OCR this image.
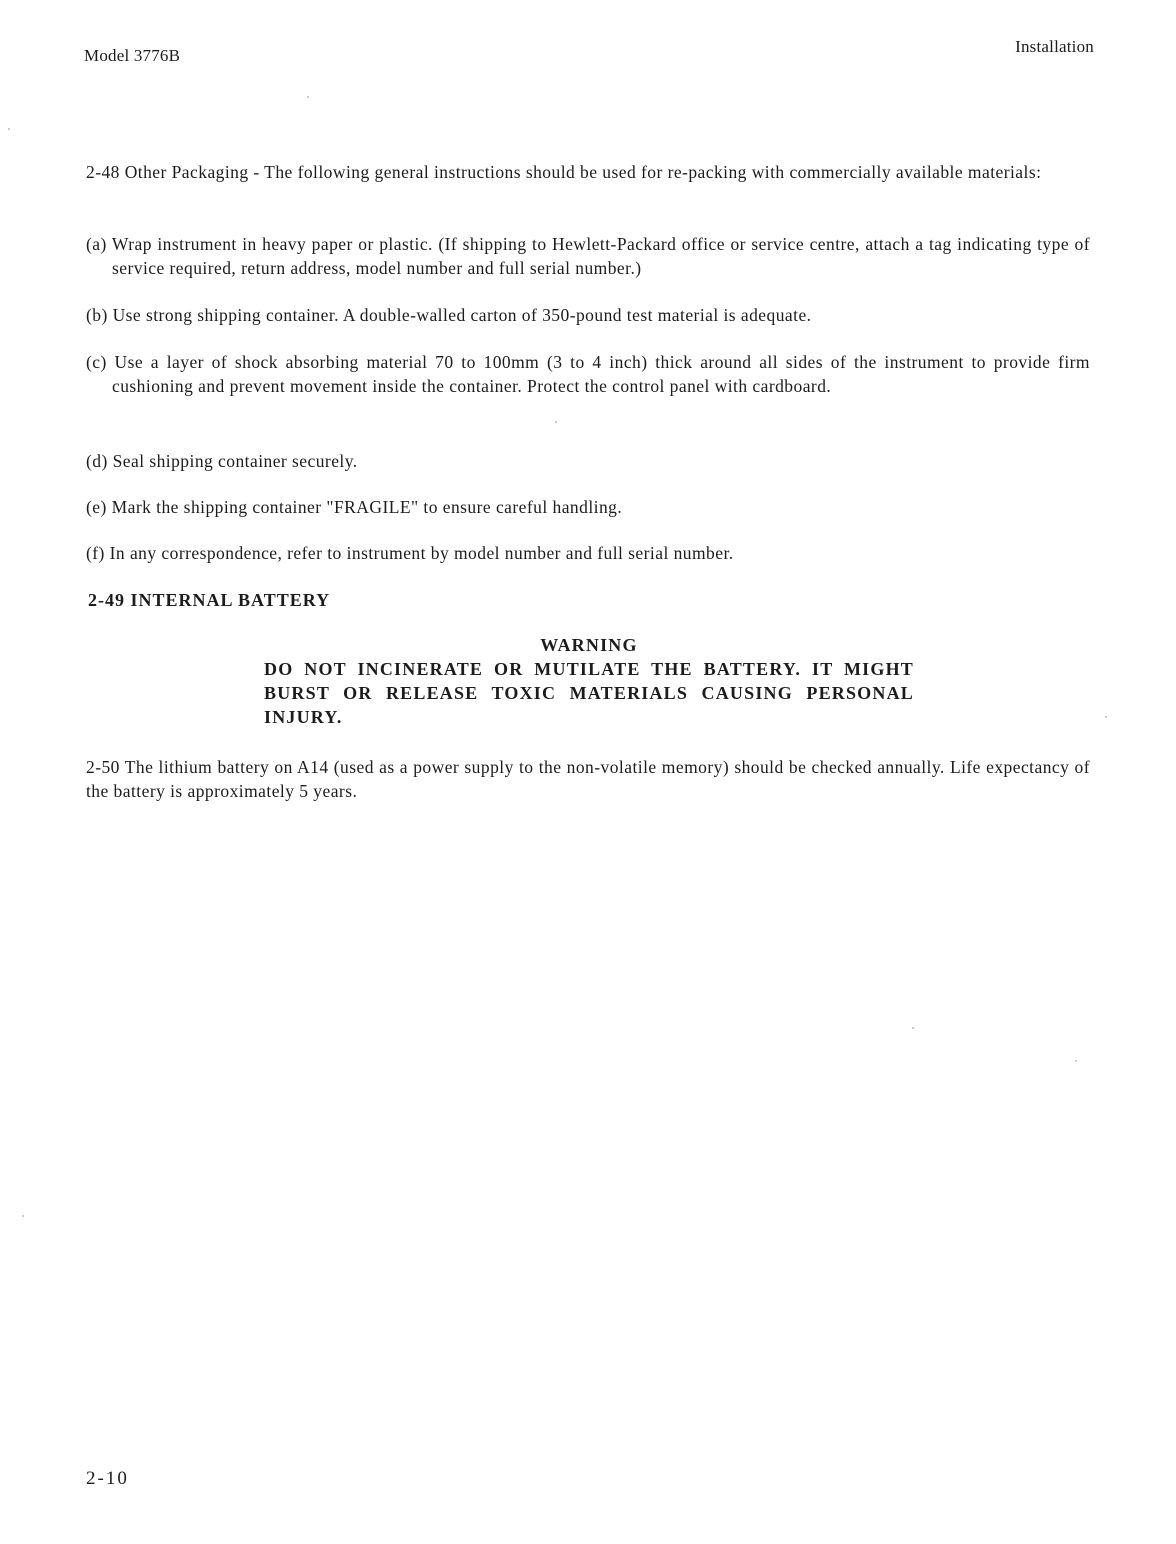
Model 3776B	Installation
2-48 Other Packaging - The following general instructions should be used for re-packing with commercially available materials:
(a) Wrap instrument in heavy paper or plastic. (If shipping to Hewlett-Packard office or service centre, attach a tag indicating type of service required, return address, model number and full serial number.)
(b) Use strong shipping container. A double-walled carton of 350-pound test material is adequate.
(c) Use a layer of shock absorbing material 70 to 100mm (3 to 4 inch) thick around all sides of the instrument to provide firm cushioning and prevent movement inside the container. Protect the control panel with cardboard.
(d) Seal shipping container securely.
(e) Mark the shipping container "FRAGILE" to ensure careful handling.
(f) In any correspondence, refer to instrument by model number and full serial number.
2-49 INTERNAL BATTERY
WARNING
DO NOT INCINERATE OR MUTILATE THE BATTERY. IT MIGHT BURST OR RELEASE TOXIC MATERIALS CAUSING PERSONAL INJURY.
2-50 The lithium battery on A14 (used as a power supply to the non-volatile memory) should be checked annually. Life expectancy of the battery is approximately 5 years.
2-10
